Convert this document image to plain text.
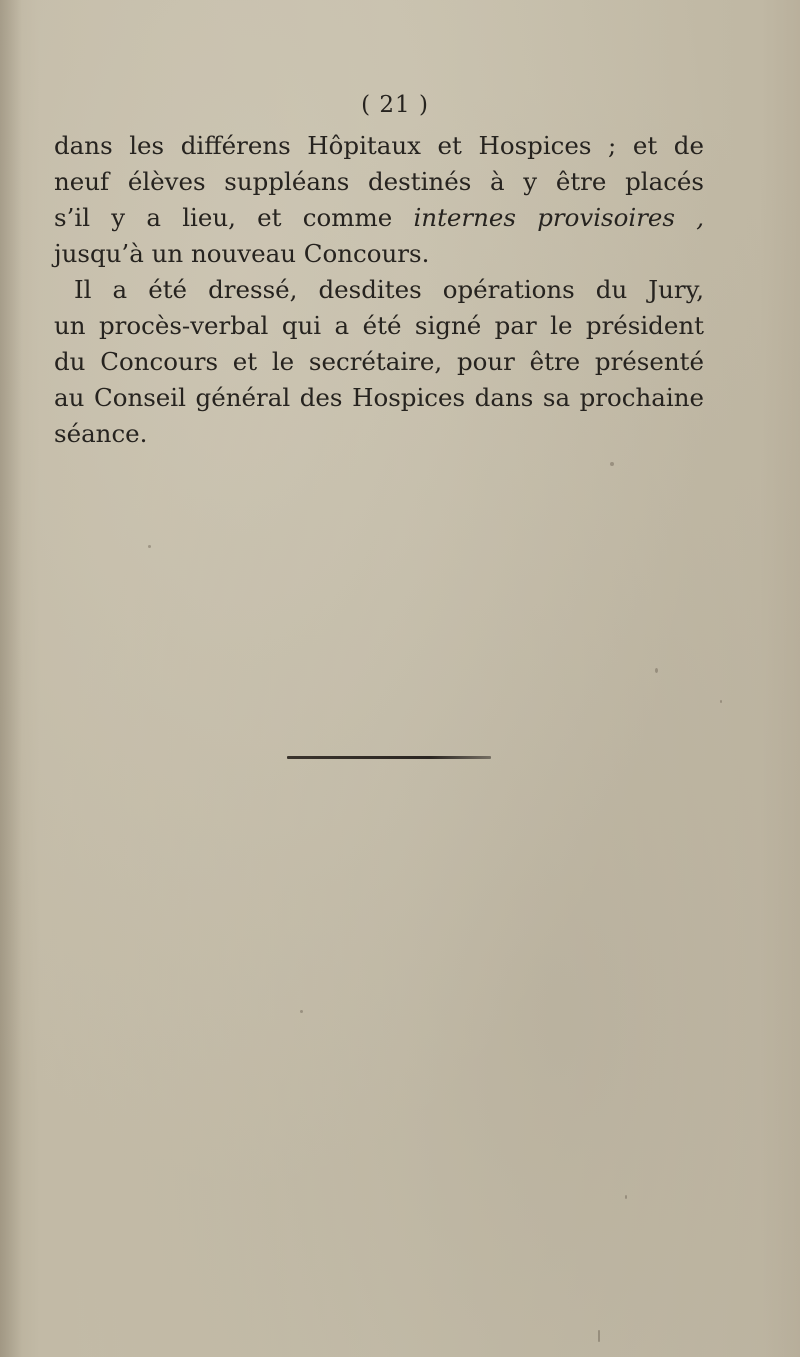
( 21 )
dans les différens Hôpitaux et Hospices ; et de
neuf élèves suppléans destinés à y être placés
s’il y a lieu, et comme internes provisoires ,
jusqu’à un nouveau Concours.
Il a été dressé, desdites opérations du Jury,
un procès-verbal qui a été signé par le président
du Concours et le secrétaire, pour être présenté
au Conseil général des Hospices dans sa prochaine
séance.
